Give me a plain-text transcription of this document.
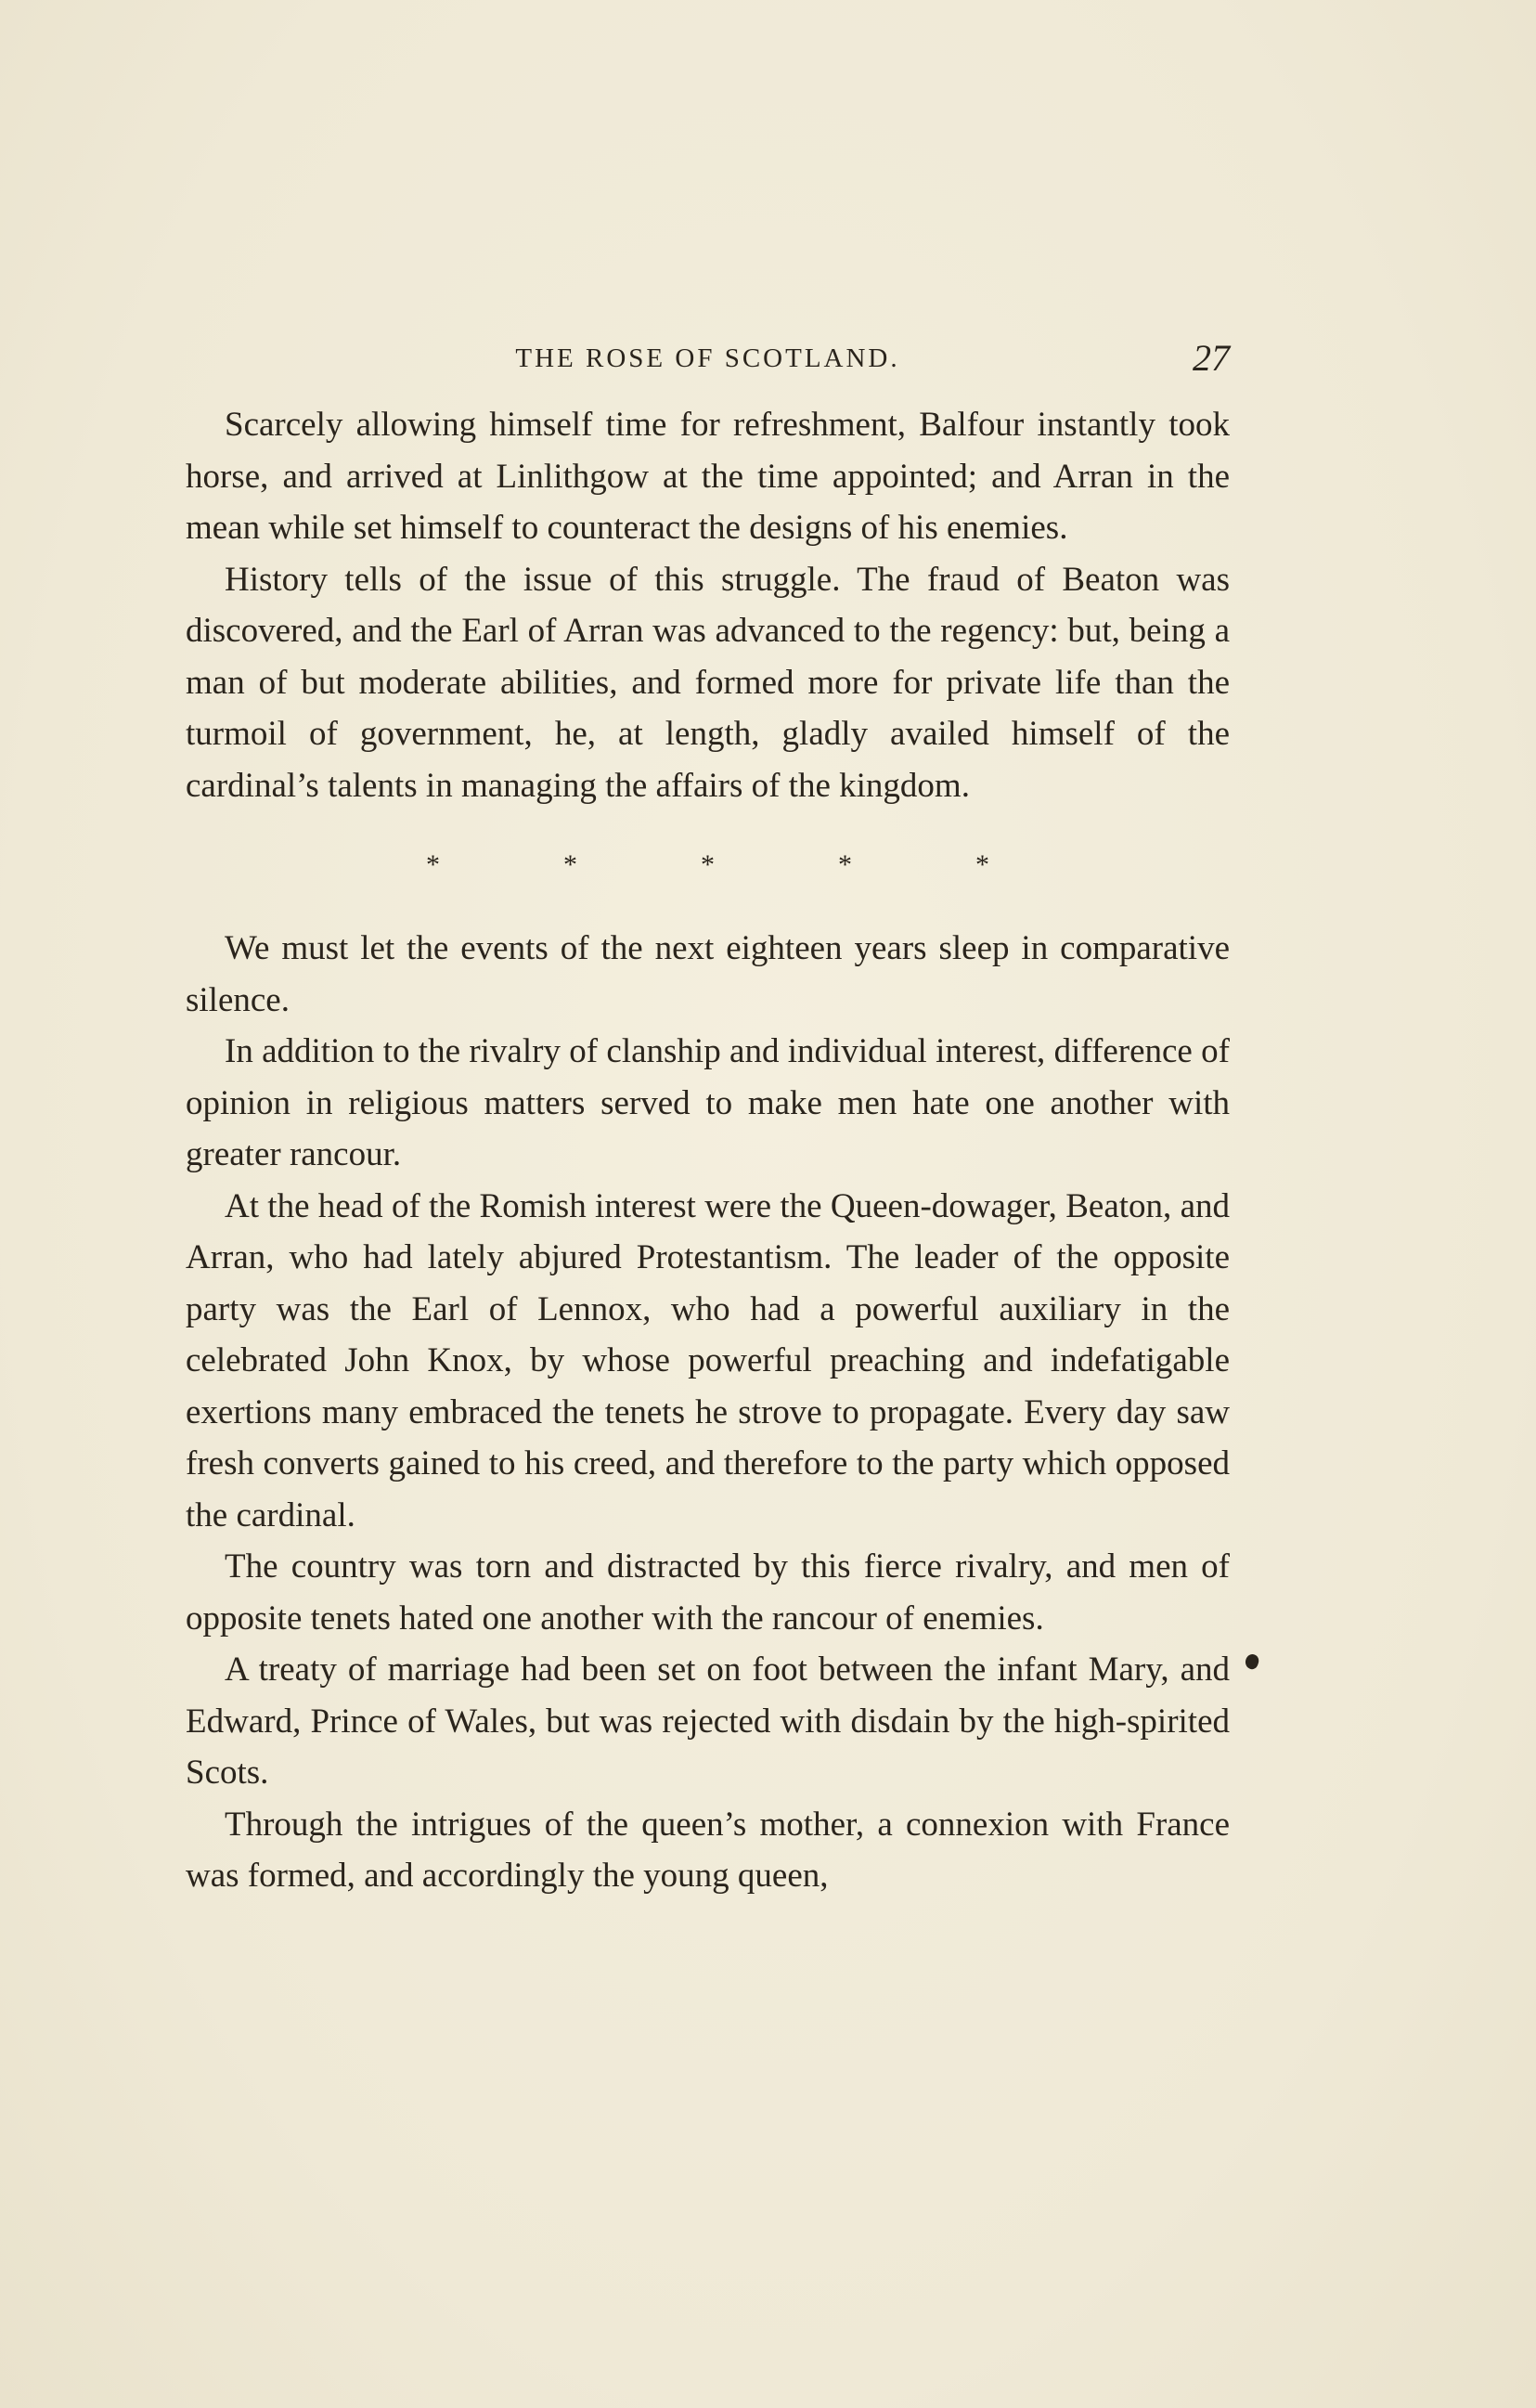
THE ROSE OF SCOTLAND.	27

Scarcely allowing himself time for refreshment, Balfour instantly took horse, and arrived at Linlithgow at the time appointed; and Arran in the mean while set himself to counteract the designs of his enemies.

History tells of the issue of this struggle. The fraud of Beaton was discovered, and the Earl of Arran was advanced to the regency: but, being a man of but moderate abilities, and formed more for private life than the turmoil of government, he, at length, gladly availed himself of the cardinal’s talents in managing the affairs of the kingdom.

*	*	*	*	*

We must let the events of the next eighteen years sleep in comparative silence.

In addition to the rivalry of clanship and individual interest, difference of opinion in religious matters served to make men hate one another with greater rancour.

At the head of the Romish interest were the Queen-dowager, Beaton, and Arran, who had lately abjured Protestantism. The leader of the opposite party was the Earl of Lennox, who had a powerful auxiliary in the celebrated John Knox, by whose powerful preaching and indefatigable exertions many embraced the tenets he strove to propagate. Every day saw fresh converts gained to his creed, and therefore to the party which opposed the cardinal.

The country was torn and distracted by this fierce rivalry, and men of opposite tenets hated one another with the rancour of enemies.

A treaty of marriage had been set on foot between the infant Mary, and Edward, Prince of Wales, but was rejected with disdain by the high-spirited Scots.

Through the intrigues of the queen’s mother, a connexion with France was formed, and accordingly the young queen,
